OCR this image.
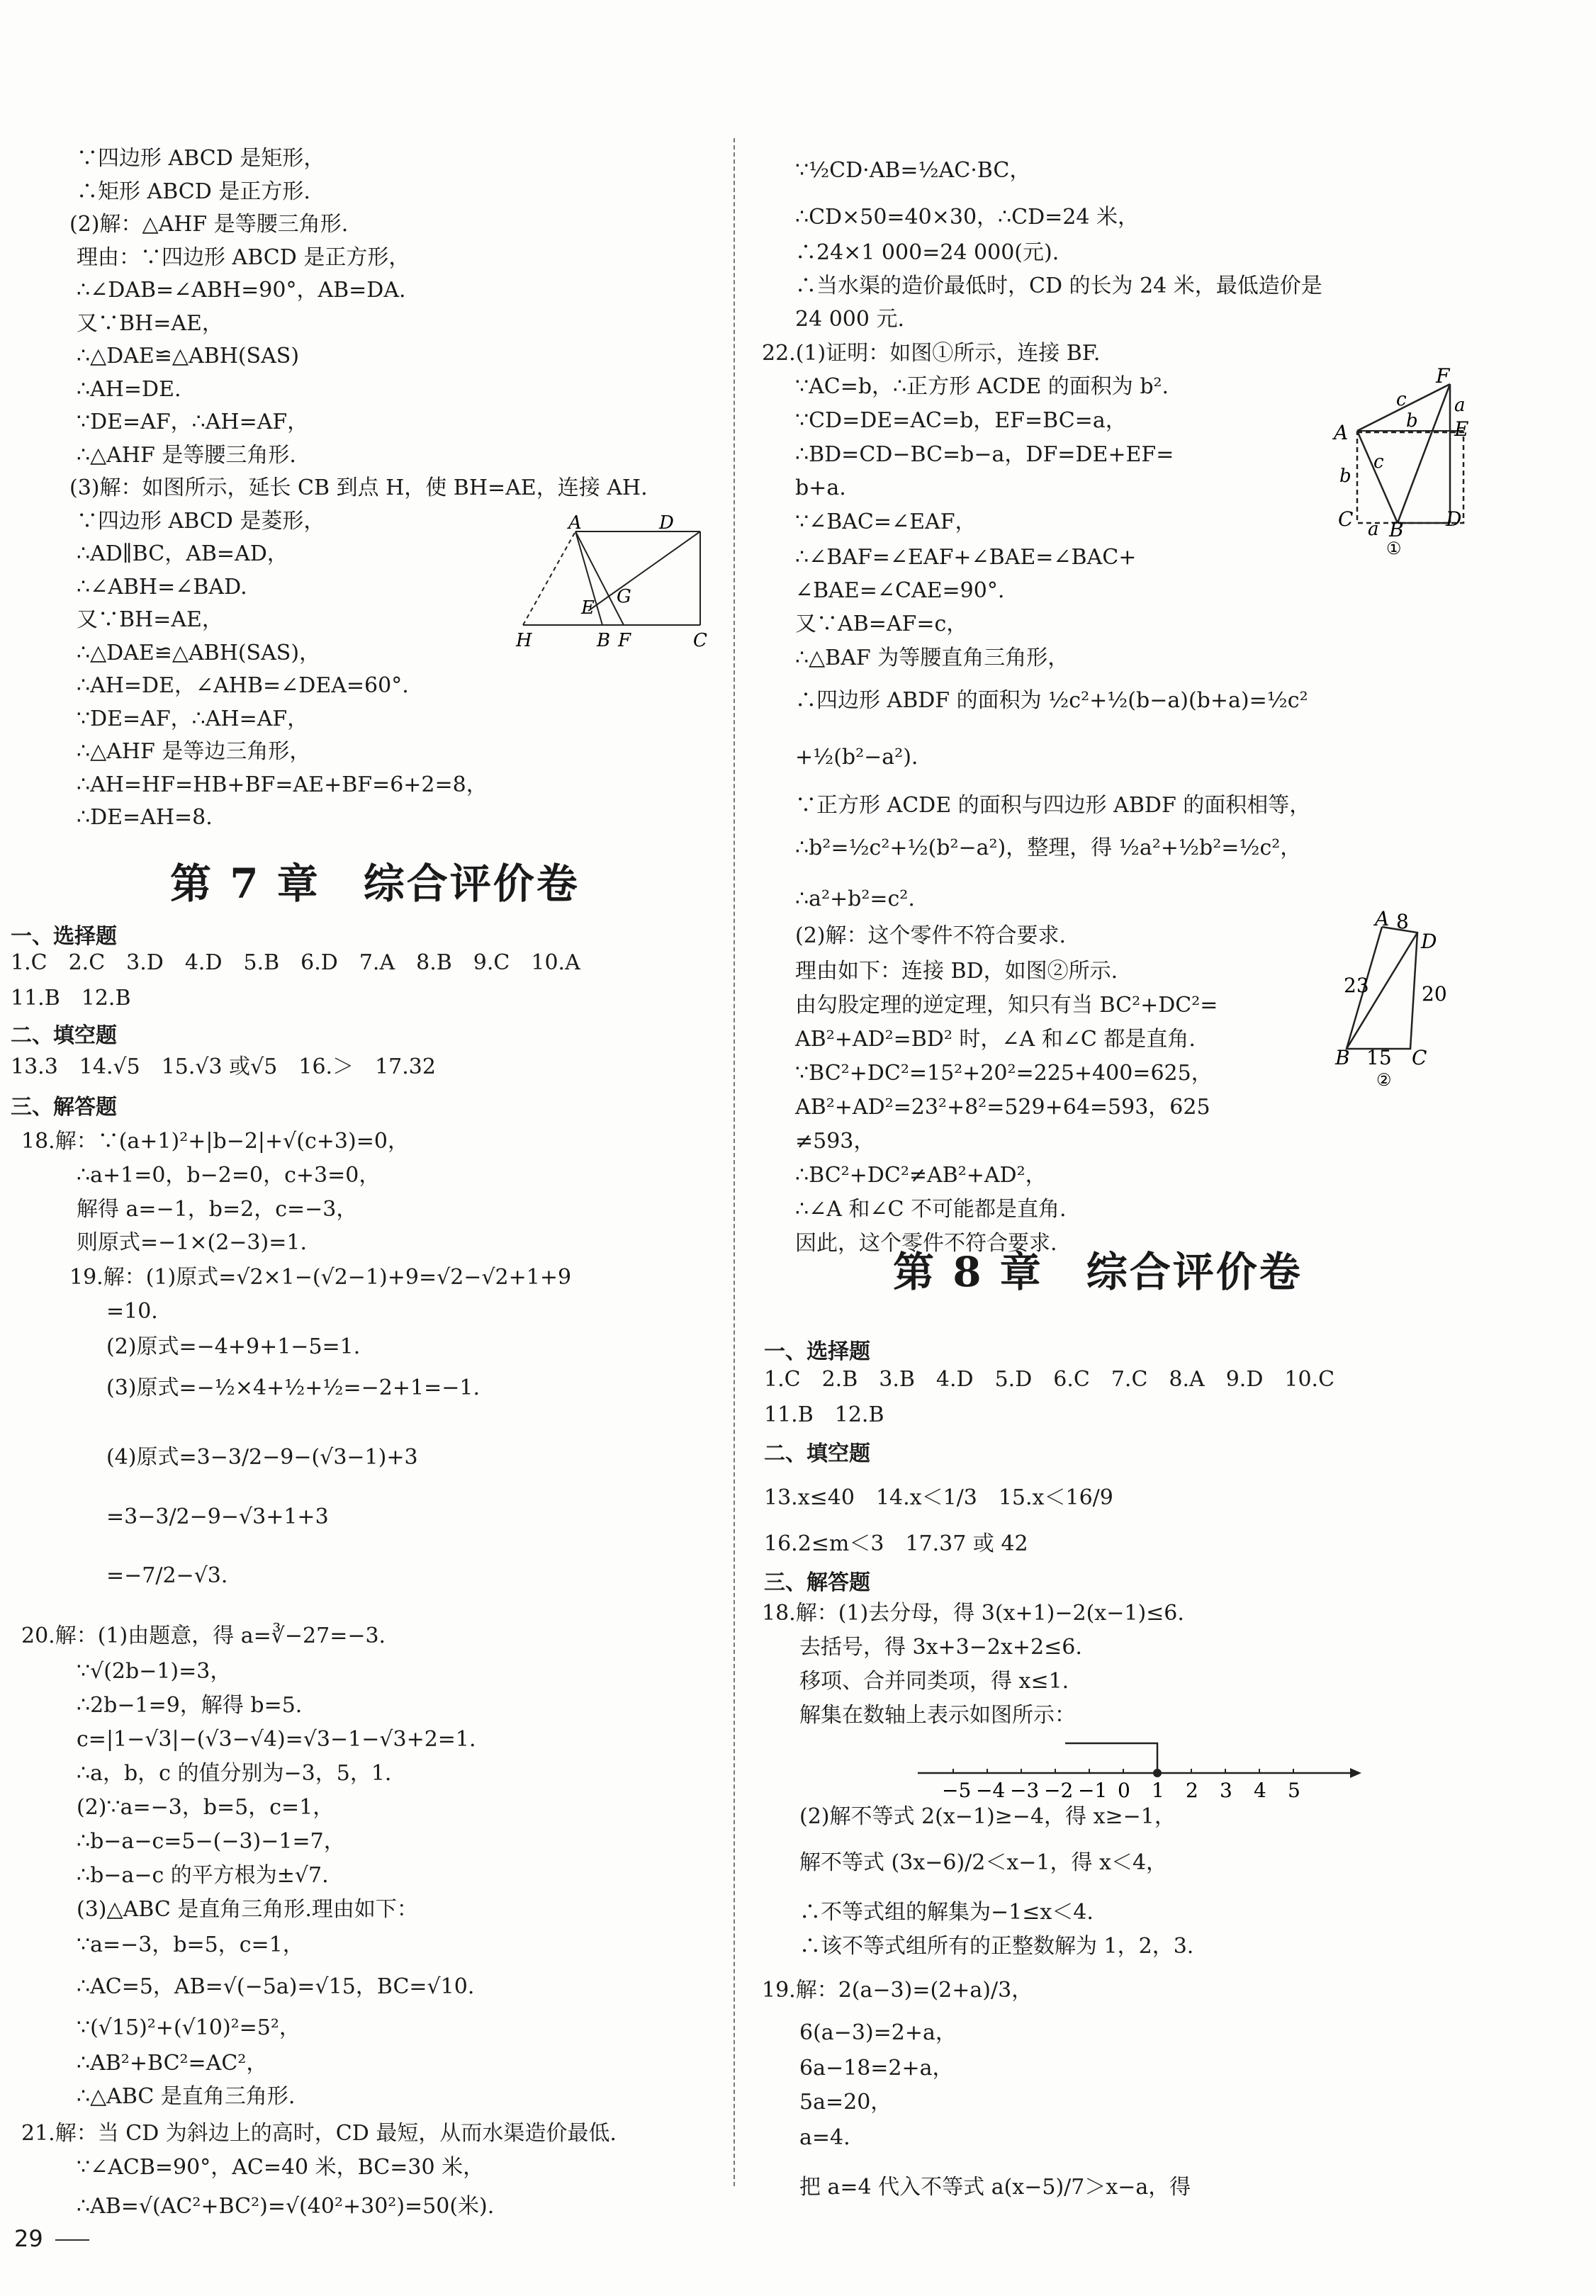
∵四边形 ABCD 是矩形，
∴矩形 ABCD 是正方形.
(2)解：△AHF 是等腰三角形.
理由：∵四边形 ABCD 是正方形，
∴∠DAB=∠ABH=90°，AB=DA.
又∵BH=AE，
∴△DAE≌△ABH(SAS)
∴AH=DE.
∵DE=AF，∴AH=AF，
∴△AHF 是等腰三角形.
(3)解：如图所示，延长 CB 到点 H，使 BH=AE，连接 AH.
∵四边形 ABCD 是菱形，
∴AD∥BC，AB=AD，
∴∠ABH=∠BAD.
又∵BH=AE，
∴△DAE≌△ABH(SAS)，
∴AH=DE，∠AHB=∠DEA=60°.
∵DE=AF，∴AH=AF，
∴△AHF 是等边三角形，
∴AH=HF=HB+BF=AE+BF=6+2=8，
∴DE=AH=8.
A	D
E
G
H	B F	C
第 7 章　综合评价卷
一、选择题
1.C　2.C　3.D　4.D　5.B　6.D　7.A　8.B　9.C　10.A
11.B　12.B
二、填空题
13.3　14.√5　15.√3 或√5　16.＞　17.32
三、解答题
18.解：∵(a+1)²+|b−2|+√(c+3)=0，
∴a+1=0，b−2=0，c+3=0，
解得 a=−1，b=2，c=−3，
则原式=−1×(2−3)=1.
19.解：(1)原式=√2×1−(√2−1)+9=√2−√2+1+9
=10.
(2)原式=−4+9+1−5=1.
(3)原式=−½×4+½+½=−2+1=−1.
(4)原式=3−3/2−9−(√3−1)+3
=3−3/2−9−√3+1+3
=−7/2−√3.
20.解：(1)由题意，得 a=∛−27=−3.
∵√(2b−1)=3，
∴2b−1=9，解得 b=5.
c=|1−√3|−(√3−√4)=√3−1−√3+2=1.
∴a，b，c 的值分别为−3，5，1.
(2)∵a=−3，b=5，c=1，
∴b−a−c=5−(−3)−1=7，
∴b−a−c 的平方根为±√7.
(3)△ABC 是直角三角形.理由如下：
∵a=−3，b=5，c=1，
∴AC=5，AB=√(−5a)=√15，BC=√10.
∵(√15)²+(√10)²=5²，
∴AB²+BC²=AC²，
∴△ABC 是直角三角形.
21.解：当 CD 为斜边上的高时，CD 最短，从而水渠造价最低.
∵∠ACB=90°，AC=40 米，BC=30 米，
∴AB=√(AC²+BC²)=√(40²+30²)=50(米).
∵½CD·AB=½AC·BC，
∴CD×50=40×30，∴CD=24 米，
∴24×1 000=24 000(元).
∴当水渠的造价最低时，CD 的长为 24 米，最低造价是
24 000 元.
22.(1)证明：如图①所示，连接 BF.
∵AC=b，∴正方形 ACDE 的面积为 b².
∵CD=DE=AC=b，EF=BC=a，
∴BD=CD−BC=b−a，DF=DE+EF=
b+a.
∵∠BAC=∠EAF，
∴∠BAF=∠EAF+∠BAE=∠BAC+
∠BAE=∠CAE=90°.
又∵AB=AF=c，
∴△BAF 为等腰直角三角形，
∴四边形 ABDF 的面积为 ½c²+½(b−a)(b+a)=½c²
+½(b²−a²).
∵正方形 ACDE 的面积与四边形 ABDF 的面积相等，
∴b²=½c²+½(b²−a²)，整理，得 ½a²+½b²=½c²，
∴a²+b²=c².
(2)解：这个零件不符合要求.
理由如下：连接 BD，如图②所示.
由勾股定理的逆定理，知只有当 BC²+DC²=
AB²+AD²=BD² 时，∠A 和∠C 都是直角.
∵BC²+DC²=15²+20²=225+400=625，
AB²+AD²=23²+8²=529+64=593，625
≠593，
∴BC²+DC²≠AB²+AD²，
∴∠A 和∠C 不可能都是直角.
因此，这个零件不符合要求.
F
c	a
b E
A
c
b
C a B D
①
A 8
D
23	20
B 15 C
②
第 8 章　综合评价卷
一、选择题
1.C　2.B　3.B　4.D　5.D　6.C　7.C　8.A　9.D　10.C
11.B　12.B
二、填空题
13.x≤40　14.x＜1/3　15.x＜16/9
16.2≤m＜3　17.37 或 42
三、解答题
18.解：(1)去分母，得 3(x+1)−2(x−1)≤6.
去括号，得 3x+3−2x+2≤6.
移项、合并同类项，得 x≤1.
解集在数轴上表示如图所示：
−5 −4 −3 −2 −1 0 1 2 3 4 5
(2)解不等式 2(x−1)≥−4，得 x≥−1，
解不等式 (3x−6)/2＜x−1，得 x＜4，
∴不等式组的解集为−1≤x＜4.
∴该不等式组所有的正整数解为 1，2，3.
19.解：2(a−3)=(2+a)/3，
6(a−3)=2+a，
6a−18=2+a，
5a=20，
a=4.
把 a=4 代入不等式 a(x−5)/7＞x−a，得
29
